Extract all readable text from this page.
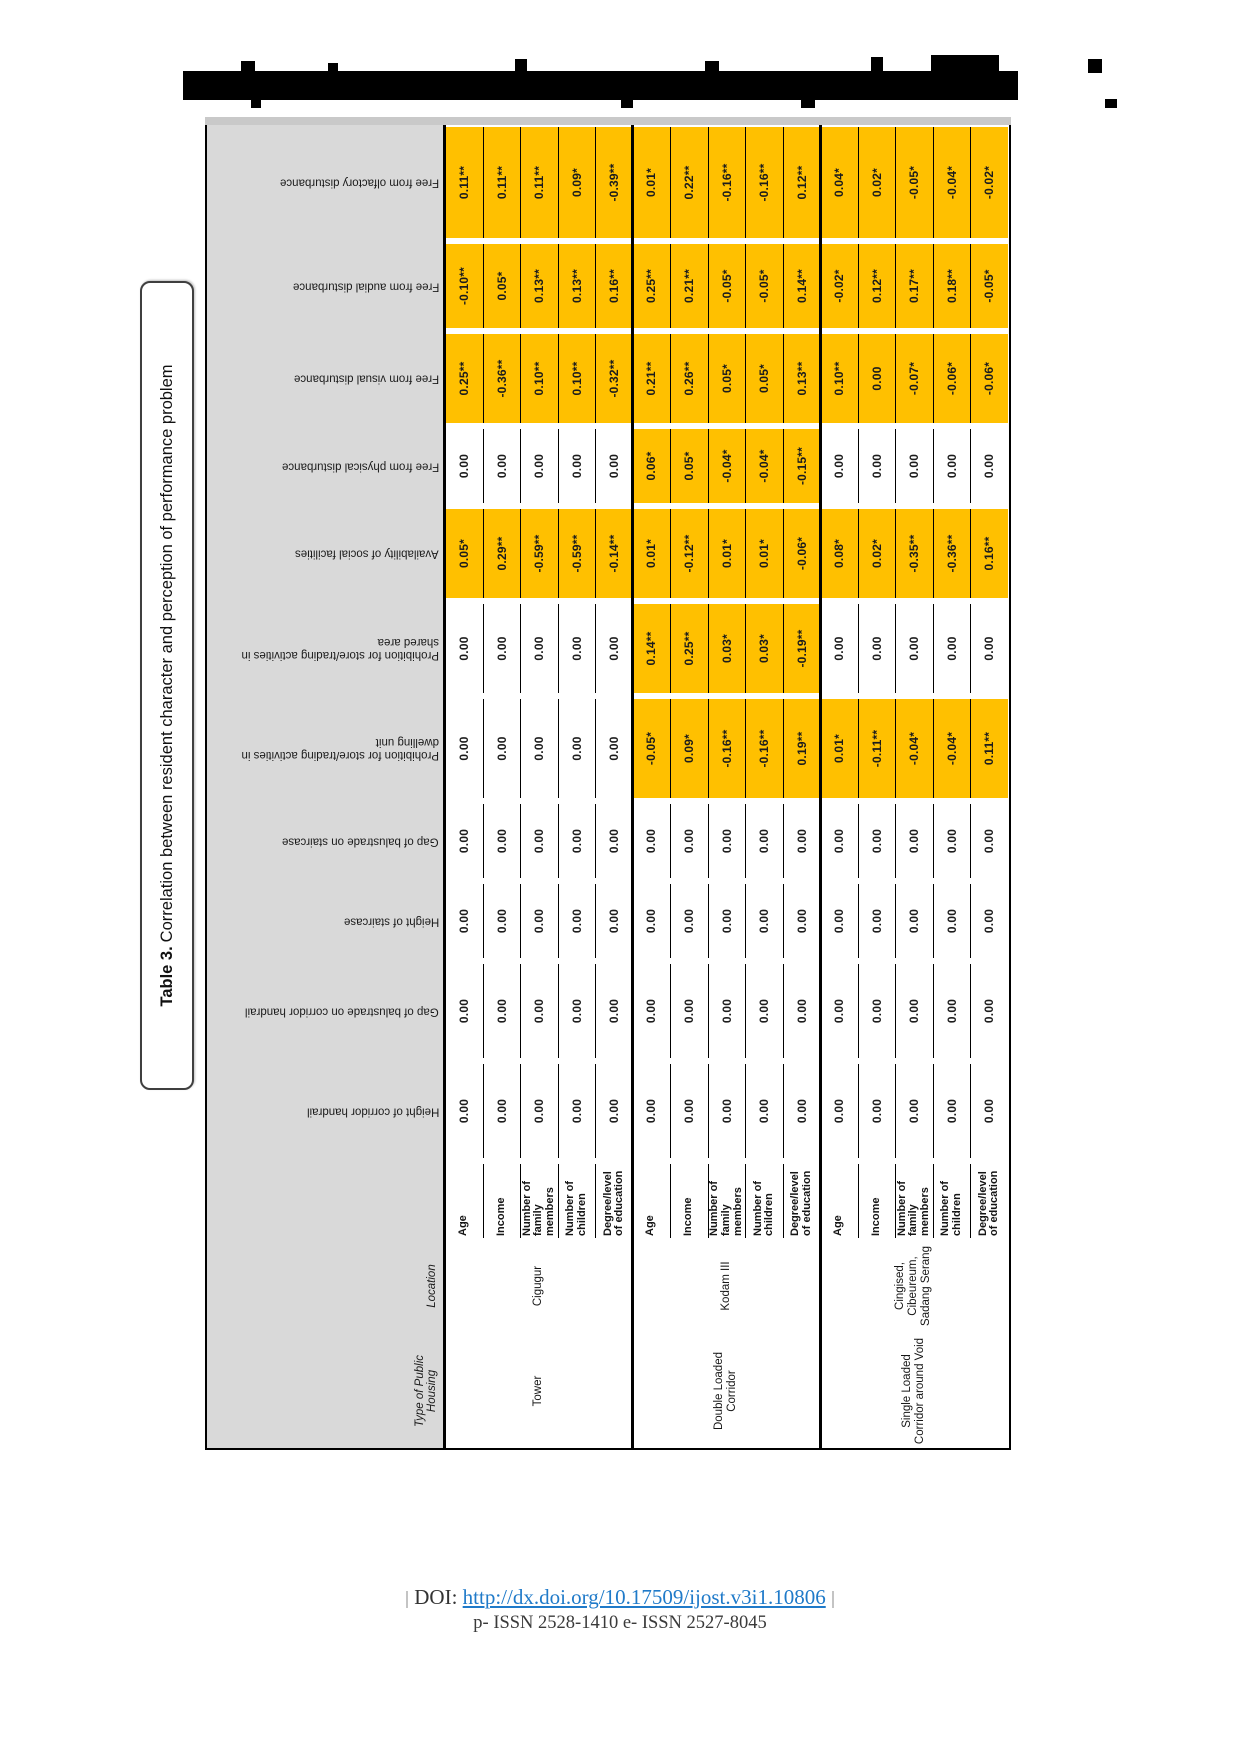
Table 3.
Correlation between resident character and perception of performance problem
Type of Public Housing
Location
Height of corridor handrail
Gap of balustrade on corridor handrail
Height of staircase
Gap of balustrade on staircase
Prohibition for store/trading activities in dwelling unit
Prohibition for store/trading activities in shared area
Availability of social facilities
Free from physical disturbance
Free from visual disturbance
Free from audial disturbance
Free from olfactory disturbance
Tower
Cigugur
Age
0.00
0.00
0.00
0.00
0.00
0.00
0.05*
0.00
0.25**
-0.10**
0.11**
Income
0.00
0.00
0.00
0.00
0.00
0.00
0.29**
0.00
-0.36**
0.05*
0.11**
Number of family members
0.00
0.00
0.00
0.00
0.00
0.00
-0.59**
0.00
0.10**
0.13**
0.11**
Number of children
0.00
0.00
0.00
0.00
0.00
0.00
-0.59**
0.00
0.10**
0.13**
0.09*
Degree/level of education
0.00
0.00
0.00
0.00
0.00
0.00
-0.14**
0.00
-0.32**
0.16**
-0.39**
Double Loaded Corridor
Kodam III
Age
0.00
0.00
0.00
0.00
-0.05*
0.14**
0.01*
0.06*
0.21**
0.25**
0.01*
Income
0.00
0.00
0.00
0.00
0.09*
0.25**
-0.12**
0.05*
0.26**
0.21**
0.22**
Number of family members
0.00
0.00
0.00
0.00
-0.16**
0.03*
0.01*
-0.04*
0.05*
-0.05*
-0.16**
Number of children
0.00
0.00
0.00
0.00
-0.16**
0.03*
0.01*
-0.04*
0.05*
-0.05*
-0.16**
Degree/level of education
0.00
0.00
0.00
0.00
0.19**
-0.19**
-0.06*
-0.15**
0.13**
0.14**
0.12**
Single Loaded Corridor around Void
Cingised, Cibeureum, Sadang Serang
Age
0.00
0.00
0.00
0.00
0.01*
0.00
0.08*
0.00
0.10**
-0.02*
0.04*
Income
0.00
0.00
0.00
0.00
-0.11**
0.00
0.02*
0.00
0.00
0.12**
0.02*
Number of family members
0.00
0.00
0.00
0.00
-0.04*
0.00
-0.35**
0.00
-0.07*
0.17**
-0.05*
Number of children
0.00
0.00
0.00
0.00
-0.04*
0.00
-0.36**
0.00
-0.06*
0.18**
-0.04*
Degree/level of education
0.00
0.00
0.00
0.00
0.11**
0.00
0.16**
0.00
-0.06*
-0.05*
-0.02*
DOI: http://dx.doi.org/10.17509/ijost.v3i1.10806
p- ISSN 2528-1410 e- ISSN 2527-8045
